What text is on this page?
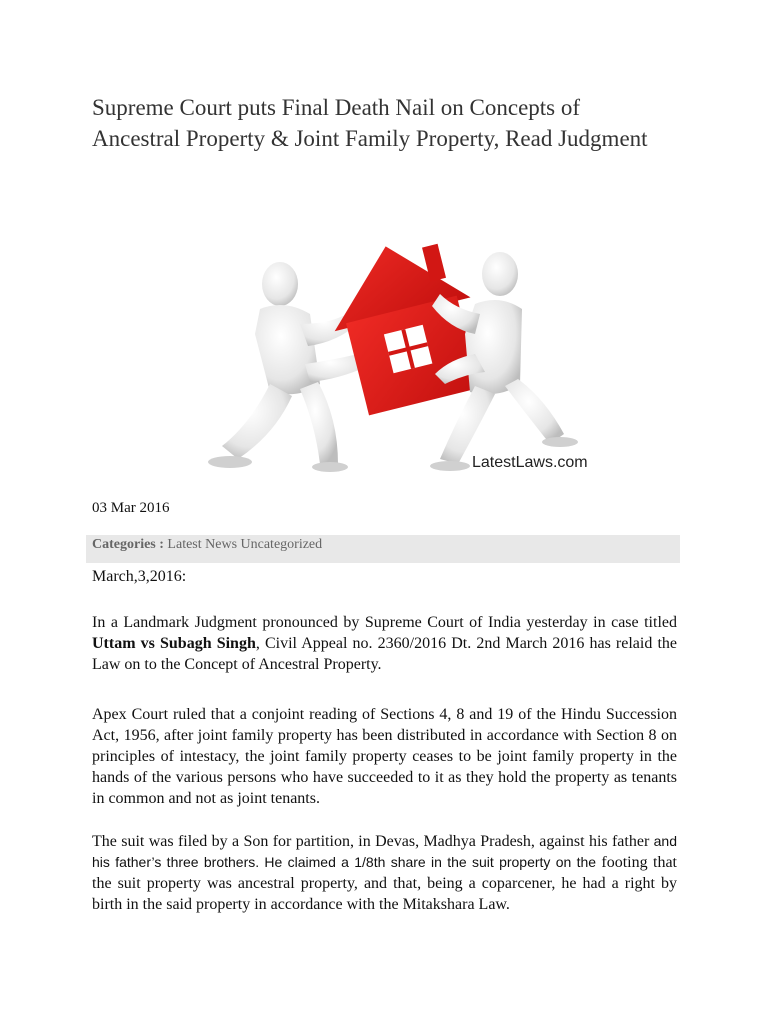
Supreme Court puts Final Death Nail on Concepts of Ancestral Property & Joint Family Property, Read Judgment
LatestLaws.com
03 Mar 2016
Categories : Latest News Uncategorized
March,3,2016:

In a Landmark Judgment pronounced by Supreme Court of India yesterday in case titled Uttam vs Subagh Singh, Civil Appeal no. 2360/2016 Dt. 2nd March 2016 has relaid the Law on to the Concept of Ancestral Property.

Apex Court ruled that a conjoint reading of Sections 4, 8 and 19 of the Hindu Succession Act, 1956, after joint family property has been distributed in accordance with Section 8 on principles of intestacy, the joint family property ceases to be joint family property in the hands of the various persons who have succeeded to it as they hold the property as tenants in common and not as joint tenants.

The suit was filed by a Son for partition, in Devas, Madhya Pradesh, against his father and his father’s three brothers. He claimed a 1/8th share in the suit property on the footing that the suit property was ancestral property, and that, being a coparcener, he had a right by birth in the said property in accordance with the Mitakshara Law.
